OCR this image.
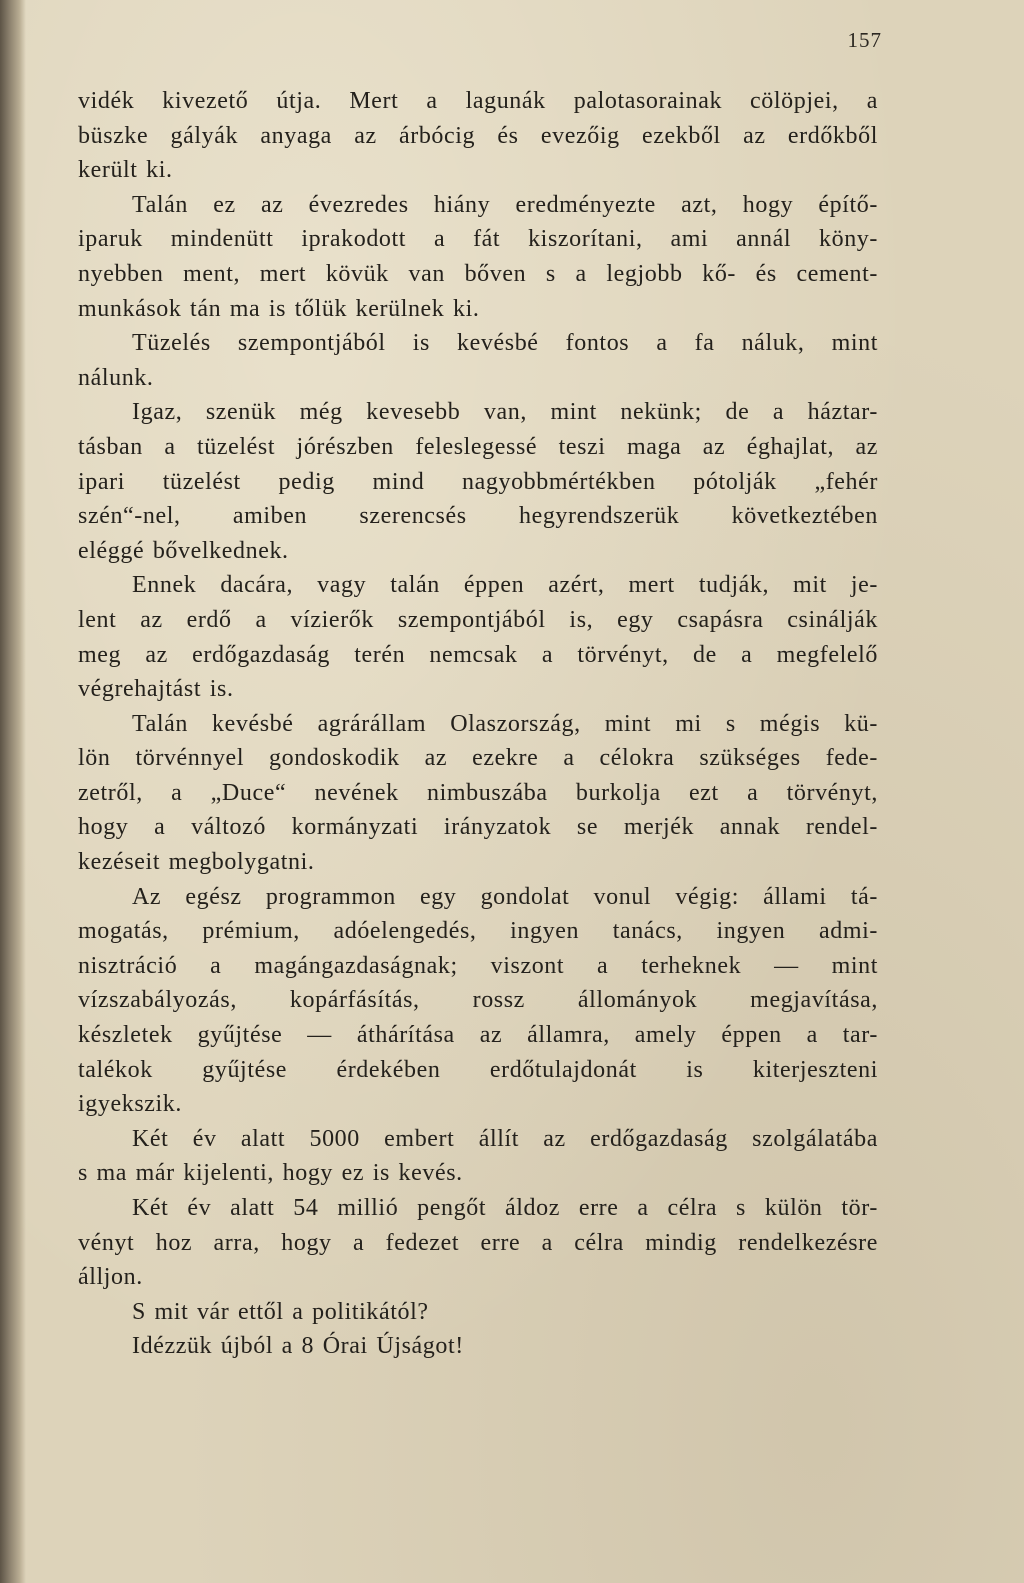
157
vidék kivezető útja. Mert a lagunák palotasorainak cölöpjei, a
büszke gályák anyaga az árbócig és evezőig ezekből az erdőkből
került ki.
Talán ez az évezredes hiány eredményezte azt, hogy építő-
iparuk mindenütt iprakodott a fát kiszorítani, ami annál köny-
nyebben ment, mert kövük van bőven s a legjobb kő- és cement-
munkások tán ma is tőlük kerülnek ki.
Tüzelés szempontjából is kevésbé fontos a fa náluk, mint
nálunk.
Igaz, szenük még kevesebb van, mint nekünk; de a háztar-
tásban a tüzelést jórészben feleslegessé teszi maga az éghajlat, az
ipari tüzelést pedig mind nagyobbmértékben pótolják „fehér
szén“-nel, amiben szerencsés hegyrendszerük következtében
eléggé bővelkednek.
Ennek dacára, vagy talán éppen azért, mert tudják, mit je-
lent az erdő a vízierők szempontjából is, egy csapásra csinálják
meg az erdőgazdaság terén nemcsak a törvényt, de a megfelelő
végrehajtást is.
Talán kevésbé agrárállam Olaszország, mint mi s mégis kü-
lön törvénnyel gondoskodik az ezekre a célokra szükséges fede-
zetről, a „Duce“ nevének nimbuszába burkolja ezt a törvényt,
hogy a változó kormányzati irányzatok se merjék annak rendel-
kezéseit megbolygatni.
Az egész programmon egy gondolat vonul végig: állami tá-
mogatás, prémium, adóelengedés, ingyen tanács, ingyen admi-
nisztráció a magángazdaságnak; viszont a terheknek — mint
vízszabályozás, kopárfásítás, rossz állományok megjavítása,
készletek gyűjtése — áthárítása az államra, amely éppen a tar-
talékok gyűjtése érdekében erdőtulajdonát is kiterjeszteni
igyekszik.
Két év alatt 5000 embert állít az erdőgazdaság szolgálatába
s ma már kijelenti, hogy ez is kevés.
Két év alatt 54 millió pengőt áldoz erre a célra s külön tör-
vényt hoz arra, hogy a fedezet erre a célra mindig rendelkezésre
álljon.
S mit vár ettől a politikától?
Idézzük újból a 8 Órai Újságot!
